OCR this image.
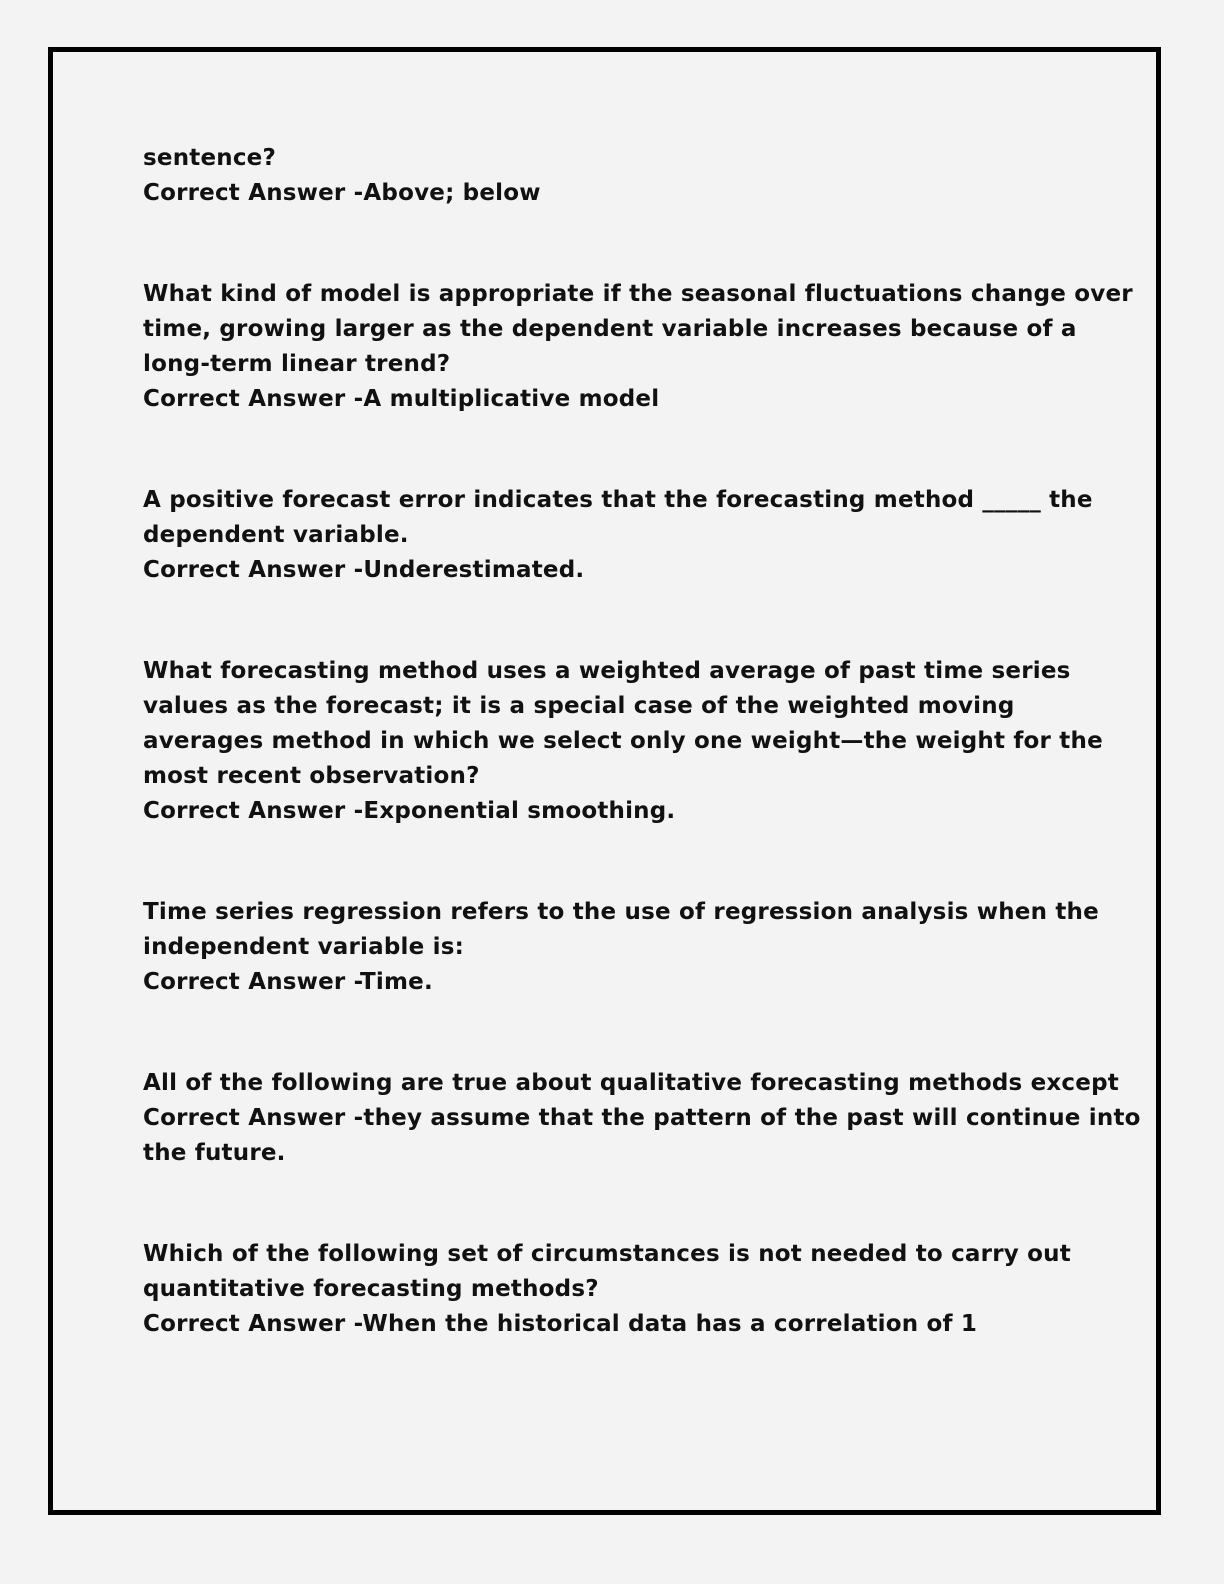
sentence?
Correct Answer -Above; below
What kind of model is appropriate if the seasonal fluctuations change over
time, growing larger as the dependent variable increases because of a
long-term linear trend?
Correct Answer -A multiplicative model
A positive forecast error indicates that the forecasting method _____ the
dependent variable.
Correct Answer -Underestimated.
What forecasting method uses a weighted average of past time series
values as the forecast; it is a special case of the weighted moving
averages method in which we select only one weight—the weight for the
most recent observation?
Correct Answer -Exponential smoothing.
Time series regression refers to the use of regression analysis when the
independent variable is:
Correct Answer -Time.
All of the following are true about qualitative forecasting methods except
Correct Answer -they assume that the pattern of the past will continue into
the future.
Which of the following set of circumstances is not needed to carry out
quantitative forecasting methods?
Correct Answer -When the historical data has a correlation of 1
